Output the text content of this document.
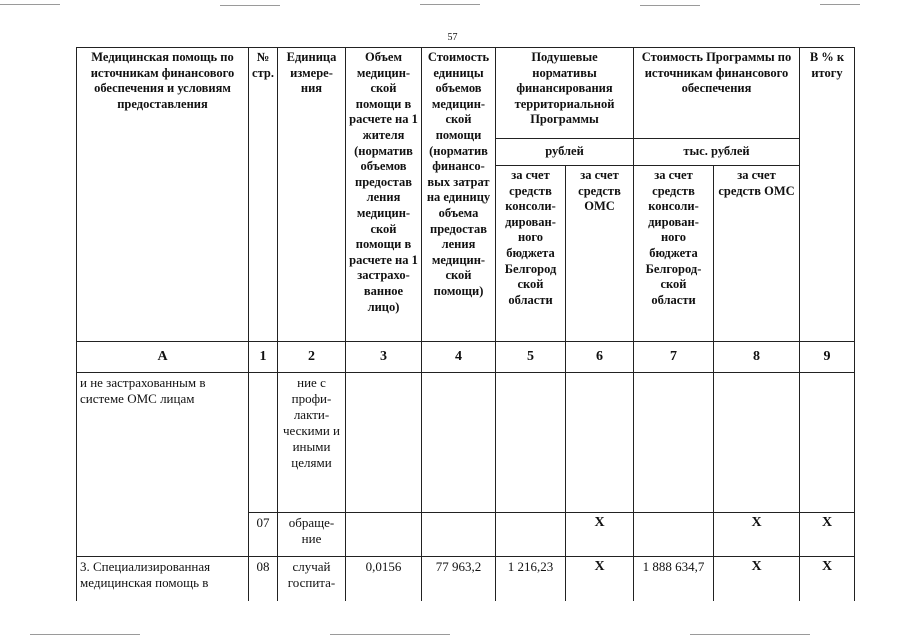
57
Медицинская помощь по источникам финансового обеспечения и условиям предоставления	№ стр.	Единица измере-ния	Объем медицин-ской помощи в расчете на 1 жителя (норматив объемов предостав ления медицин-ской помощи в расчете на 1 застрахо-ванное лицо)	Стоимость единицы объемов медицин-ской помощи (норматив финансо-вых затрат на единицу объема предостав ления медицин-ской помощи)	Подушевые нормативы финансирования территориальной Программы		Стоимость Программы по источникам финансового обеспечения		В % к итогу
					рублей		тыс. рублей		
					за счет средств консоли-дирован-ного бюджета Белгород ской области	за счет средств ОМС	за счет средств консоли-дирован-ного бюджета Белгород-ской области	за счет средств ОМС	
А	1	2	3	4	5	6	7	8	9
и не застрахованным в системе ОМС лицам		ние с профи-лакти-ческими и иными целями							
	07	обраще-ние				Х		Х	Х
3. Специализированная медицинская помощь в	08	случай госпита-	0,0156	77 963,2	1 216,23	Х	1 888 634,7	Х	Х
